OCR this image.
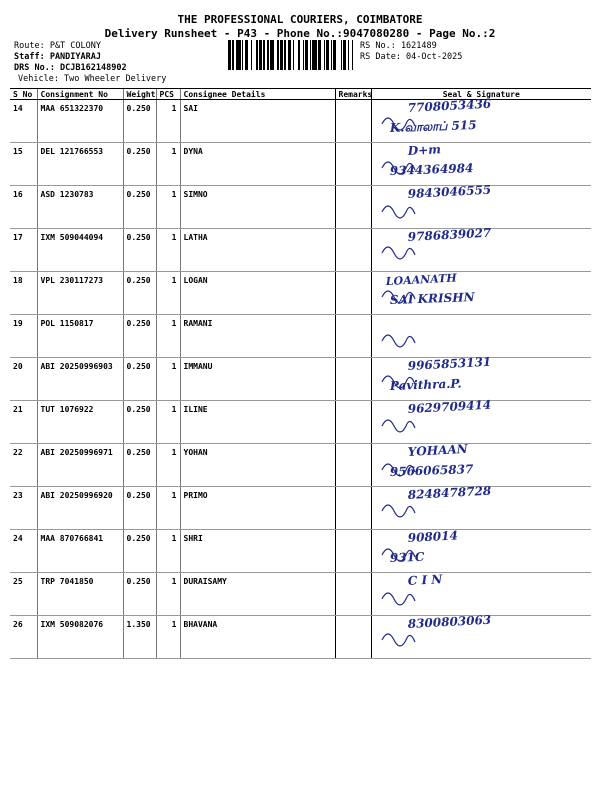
THE PROFESSIONAL COURIERS, COIMBATORE
Delivery Runsheet - P43 - Phone No.:9047080280 - Page No.:2
Route: P&T COLONY
Staff: PANDIYARAJ
DRS No.: DCJB162148902
Vehicle: Two Wheeler Delivery
RS No.: 1621489
RS Date: 04-Oct-2025
S No	Consignment No	Weight	PCS	Consignee Details	Remarks	Seal & Signature
14	MAA 651322370	0.250	1	SAI		7708053436
K.வாலாப் 515

15	DEL 121766553	0.250	1	DYNA		D+m
9344364984

16	ASD 1230783	0.250	1	SIMNO		9843046555

17	IXM 509044094	0.250	1	LATHA		9786839027

18	VPL 230117273	0.250	1	LOGAN		LOAANATH
SAI KRISHN

19	POL 1150817	0.250	1	RAMANI		

20	ABI 20250996903	0.250	1	IMMANU		9965853131
Pavithra.P.

21	TUT 1076922	0.250	1	ILINE		9629709414

22	ABI 20250996971	0.250	1	YOHAN		YOHAAN
9566065837

23	ABI 20250996920	0.250	1	PRIMO		8248478728

24	MAA 870766841	0.250	1	SHRI		908014
931C

25	TRP 7041850	0.250	1	DURAISAMY		C I N

26	IXM 509082076	1.350	1	BHAVANA		8300803063
